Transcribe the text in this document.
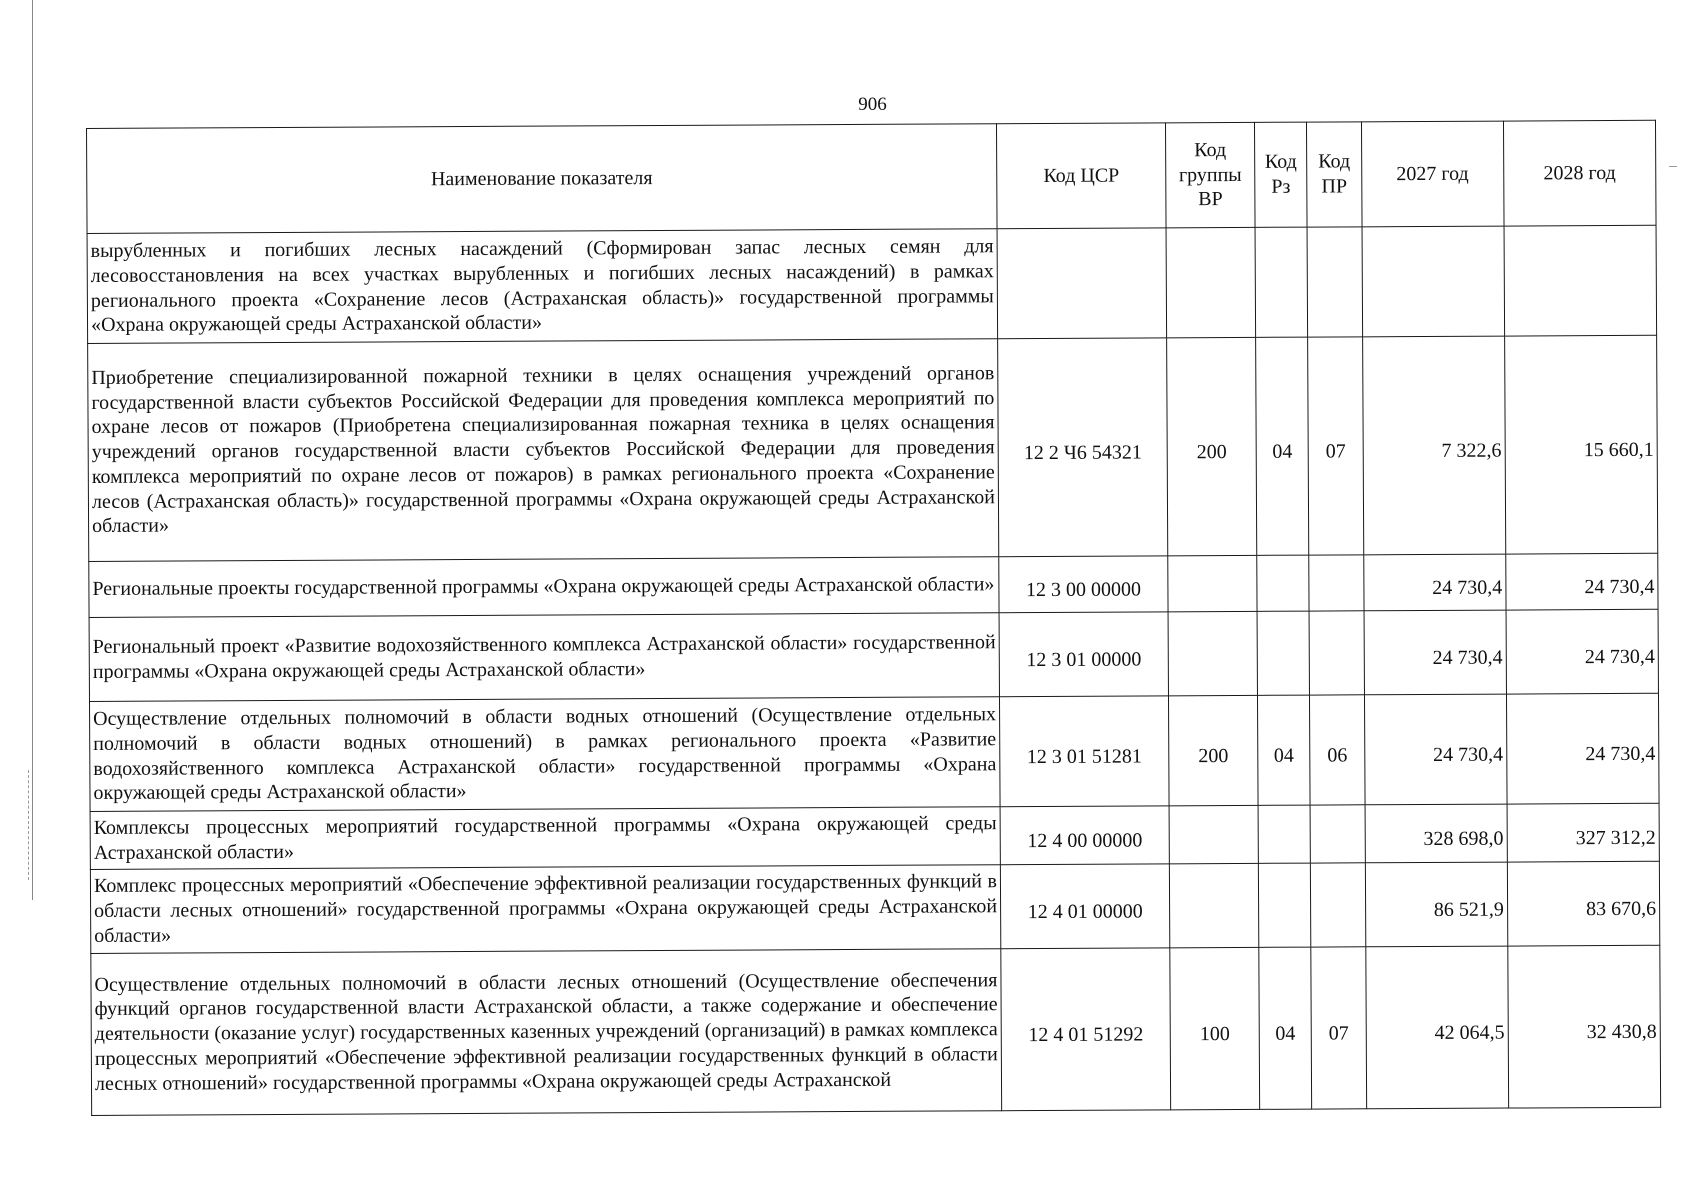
906
Наименование показателя	Код ЦСР	Код группы ВР	Код Рз	Код ПР	2027 год	2028 год
вырубленных и погибших лесных насаждений (Сформирован запас лесных семян для лесовосстановления на всех участках вырубленных и погибших лесных насаждений) в рамках регионального проекта «Сохранение лесов (Астраханская область)» государственной программы «Охрана окружающей среды Астраханской области»						
Приобретение специализированной пожарной техники в целях оснащения учреждений органов государственной власти субъектов Российской Федерации для проведения комплекса мероприятий по охране лесов от пожаров (Приобретена специализированная пожарная техника в целях оснащения учреждений органов государственной власти субъектов Российской Федерации для проведения комплекса мероприятий по охране лесов от пожаров) в рамках регионального проекта «Сохранение лесов (Астраханская область)» государственной программы «Охрана окружающей среды Астраханской области»	12 2 Ч6 54321	200	04	07	7 322,6	15 660,1
Региональные проекты государственной программы «Охрана окружающей среды Астраханской области»	12 3 00 00000				24 730,4	24 730,4
Региональный проект «Развитие водохозяйственного комплекса Астраханской области» государственной программы «Охрана окружающей среды Астраханской области»	12 3 01 00000				24 730,4	24 730,4
Осуществление отдельных полномочий в области водных отношений (Осуществление отдельных полномочий в области водных отношений) в рамках регионального проекта «Развитие водохозяйственного комплекса Астраханской области» государственной программы «Охрана окружающей среды Астраханской области»	12 3 01 51281	200	04	06	24 730,4	24 730,4
Комплексы процессных мероприятий государственной программы «Охрана окружающей среды Астраханской области»	12 4 00 00000				328 698,0	327 312,2
Комплекс процессных мероприятий «Обеспечение эффективной реализации государственных функций в области лесных отношений» государственной программы «Охрана окружающей среды Астраханской области»	12 4 01 00000				86 521,9	83 670,6
Осуществление отдельных полномочий в области лесных отношений (Осуществление обеспечения функций органов государственной власти Астраханской области, а также содержание и обеспечение деятельности (оказание услуг) государственных казенных учреждений (организаций) в рамках комплекса процессных мероприятий «Обеспечение эффективной реализации государственных функций в области лесных отношений» государственной программы «Охрана окружающей среды Астраханской	12 4 01 51292	100	04	07	42 064,5	32 430,8
